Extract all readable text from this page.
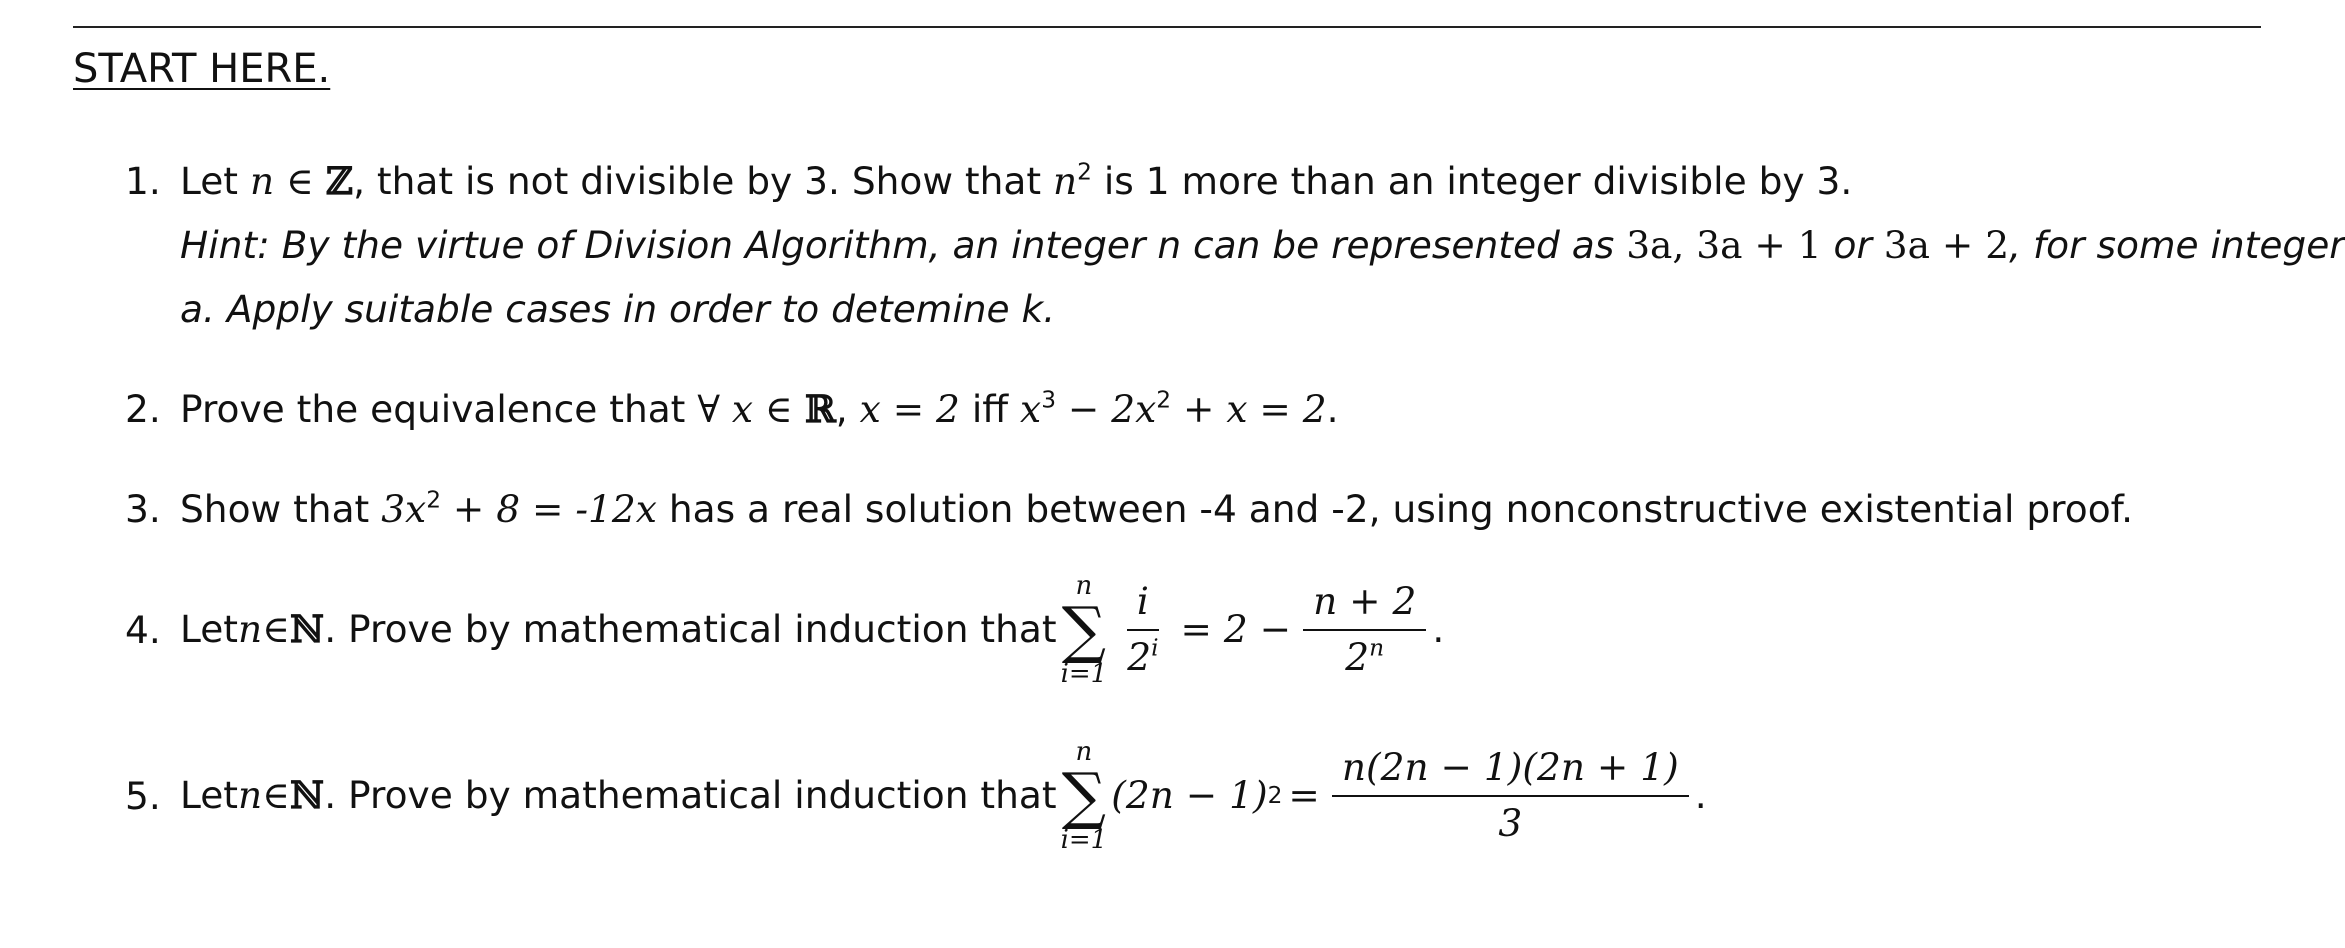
START HERE.
1. Let n ∈ ℤ, that is not divisible by 3. Show that $n^2$ is 1 more than an integer divisible by 3.
Hint: By the virtue of Division Algorithm, an integer n can be represented as 3a, 3a + 1 or 3a + 2, for some integer
a. Apply suitable cases in order to detemine k.
2. Prove the equivalence that ∀ x ∈ ℝ, x = 2 iff $x^3 - 2x^2 + x = 2$.
3. Show that $3x^2 + 8 = -12x$ has a real solution between -4 and -2, using nonconstructive existential proof.
4. Let n ∈ ℕ . Prove by mathematical induction that
n
∑
$i=1 \frac{i}{2^i} = 2 - \frac{n + 2}{2^n}$ .
5. Let n ∈ ℕ . Prove by mathematical induction that
n
∑
i=1
(2n − 1) $2 = \frac{n(2n - 1)(2n + 1)}{3}$ .
